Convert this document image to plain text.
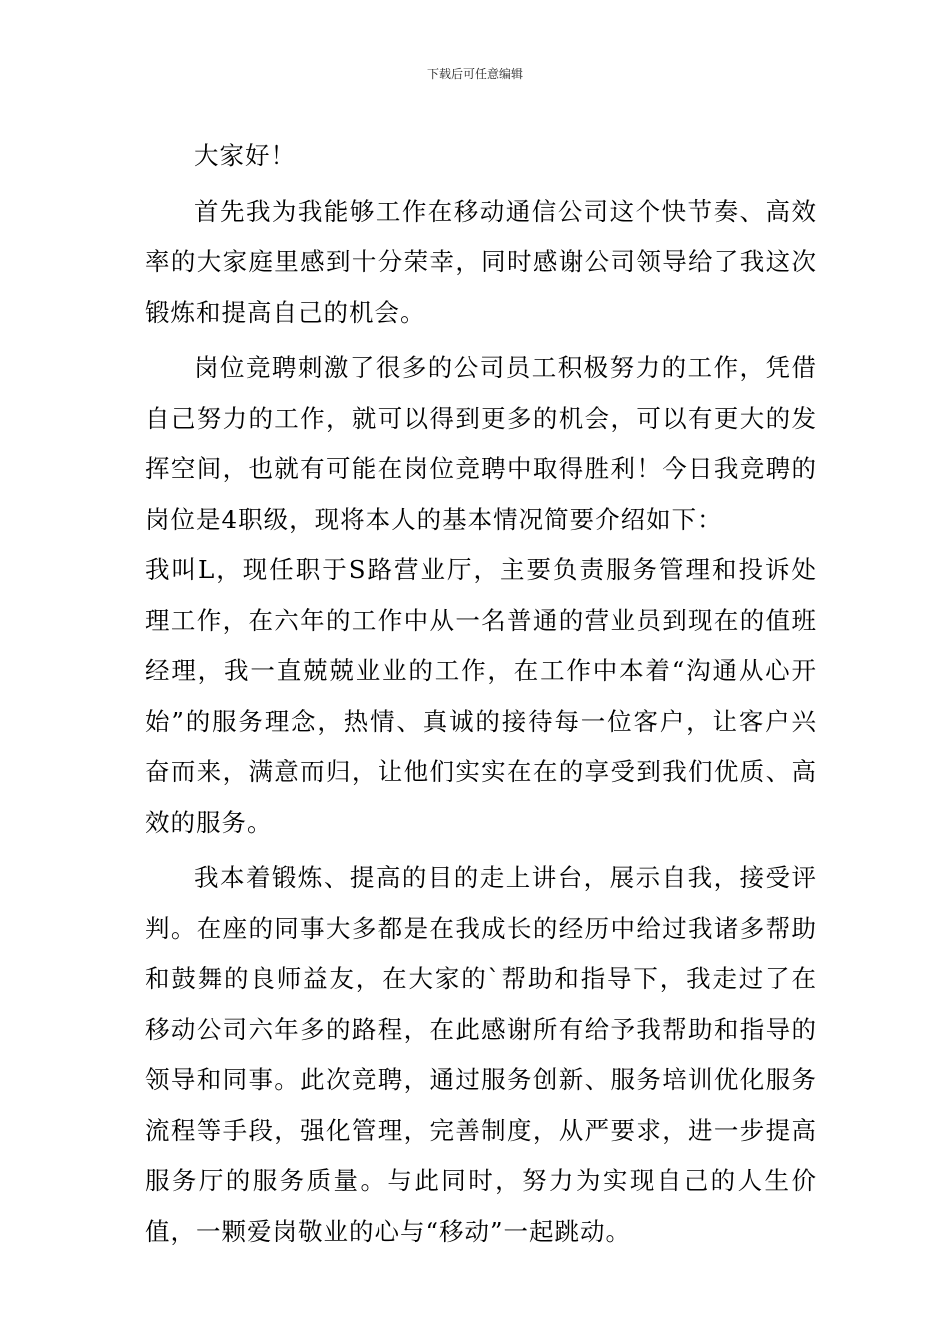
下载后可任意编辑

大家好！

首先我为我能够工作在移动通信公司这个快节奏、高效率的大家庭里感到十分荣幸，同时感谢公司领导给了我这次锻炼和提高自己的机会。

岗位竞聘刺激了很多的公司员工积极努力的工作，凭借自己努力的工作，就可以得到更多的机会，可以有更大的发挥空间，也就有可能在岗位竞聘中取得胜利！今日我竞聘的岗位是4职级，现将本人的基本情况简要介绍如下：

我叫L，现任职于S路营业厅，主要负责服务管理和投诉处理工作，在六年的工作中从一名普通的营业员到现在的值班经理，我一直兢兢业业的工作，在工作中本着“沟通从心开始”的服务理念，热情、真诚的接待每一位客户，让客户兴奋而来，满意而归，让他们实实在在的享受到我们优质、高效的服务。

我本着锻炼、提高的目的走上讲台，展示自我，接受评判。在座的同事大多都是在我成长的经历中给过我诸多帮助和鼓舞的良师益友，在大家的`帮助和指导下，我走过了在移动公司六年多的路程，在此感谢所有给予我帮助和指导的领导和同事。此次竞聘，通过服务创新、服务培训优化服务流程等手段，强化管理，完善制度，从严要求，进一步提高服务厅的服务质量。与此同时，努力为实现自己的人生价值，一颗爱岗敬业的心与“移动”一起跳动。
